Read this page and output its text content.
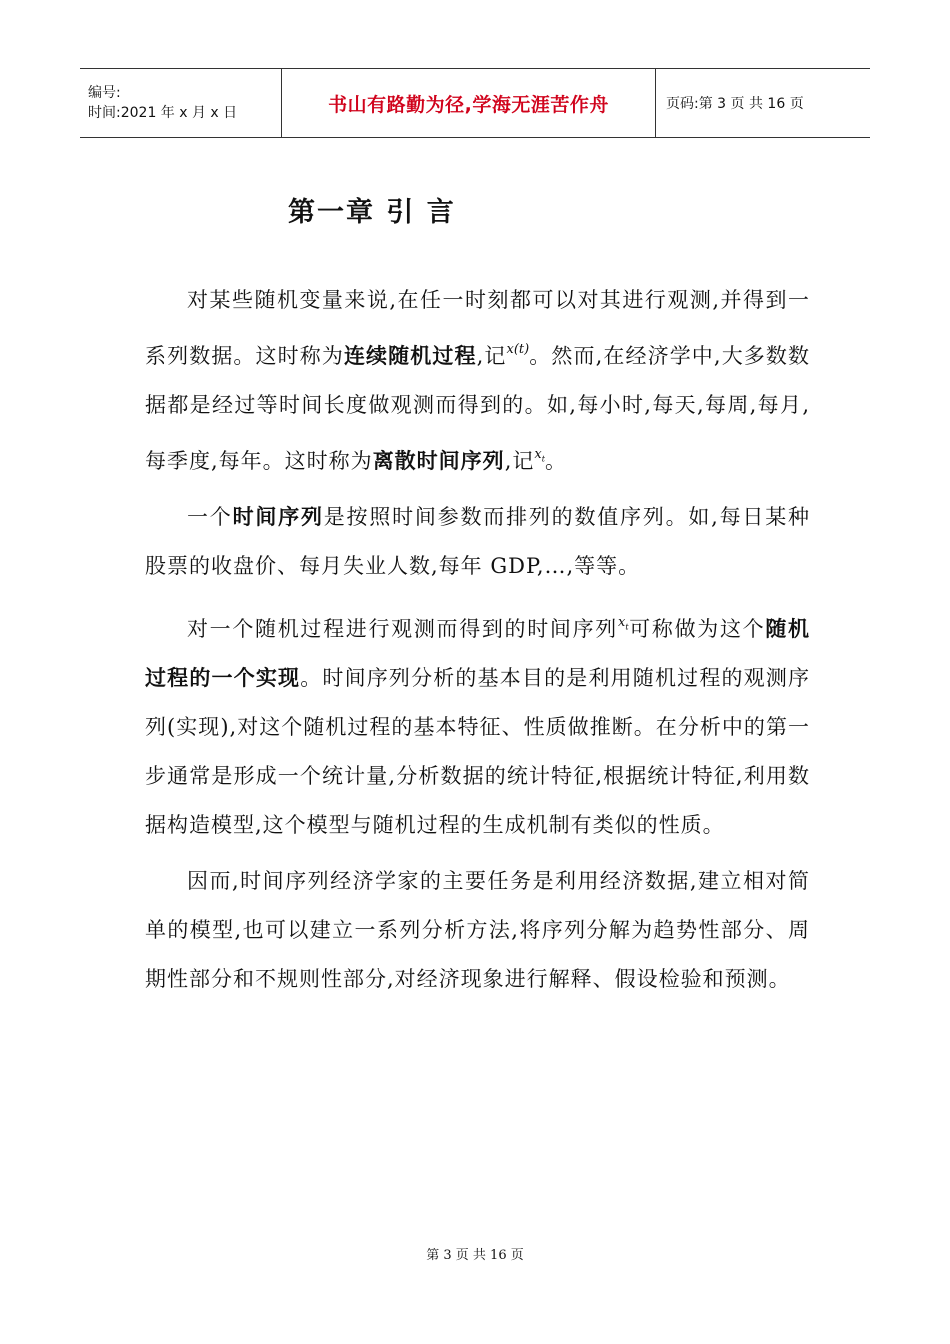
编号:
时间:2021 年 x 月 x 日	书山有路勤为径,学海无涯苦作舟	页码:第 3 页 共 16 页
第一章 引 言

对某些随机变量来说,在任一时刻都可以对其进行观测,并得到一系列数据。这时称为连续随机过程,记$^{x(t)}$。然而,在经济学中,大多数数据都是经过等时间长度做观测而得到的。如,每小时,每天,每周,每月,每季度,每年。这时称为离散时间序列,记$^{x_t}$。

一个时间序列是按照时间参数而排列的数值序列。如,每日某种股票的收盘价、每月失业人数,每年 GDP,…,等等。

对一个随机过程进行观测而得到的时间序列$^{x_t}$可称做为这个随机过程的一个实现。时间序列分析的基本目的是利用随机过程的观测序列(实现),对这个随机过程的基本特征、性质做推断。在分析中的第一步通常是形成一个统计量,分析数据的统计特征,根据统计特征,利用数据构造模型,这个模型与随机过程的生成机制有类似的性质。

因而,时间序列经济学家的主要任务是利用经济数据,建立相对简单的模型,也可以建立一系列分析方法,将序列分解为趋势性部分、周期性部分和不规则性部分,对经济现象进行解释、假设检验和预测。

第 3 页 共 16 页
